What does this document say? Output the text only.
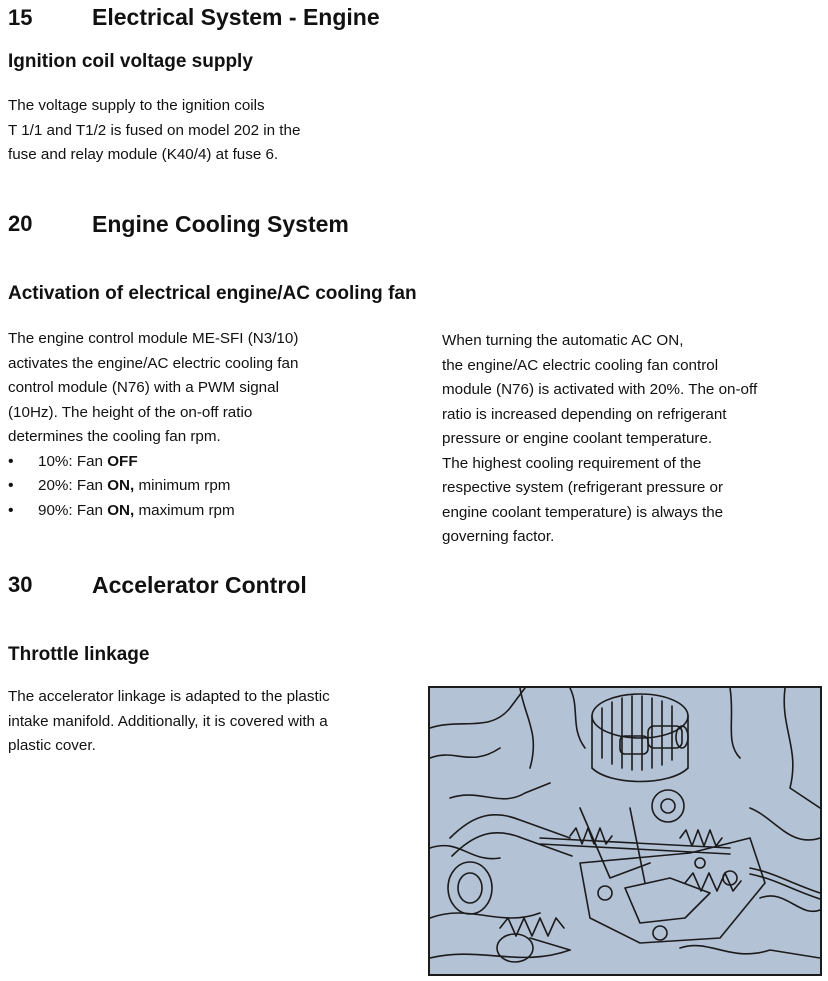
15	Electrical System - Engine
Ignition coil voltage supply
The voltage supply to the ignition coils
T 1/1 and T1/2 is fused on model 202 in the
fuse and relay module (K40/4) at fuse 6.
20	Engine Cooling System
Activation of electrical engine/AC cooling fan
The engine control module ME-SFI (N3/10)
activates the engine/AC electric cooling fan
control module (N76) with a PWM signal
(10Hz). The height of the on-off ratio
determines the cooling fan rpm.
• 10%: Fan OFF
• 20%: Fan ON, minimum rpm
• 90%: Fan ON, maximum rpm
When turning the automatic AC ON,
the engine/AC electric cooling fan control
module (N76) is activated with 20%. The on-off
ratio is increased depending on refrigerant
pressure or engine coolant temperature.
The highest cooling requirement of the
respective system (refrigerant pressure or
engine coolant temperature) is always the
governing factor.
30	Accelerator Control
Throttle linkage
The accelerator linkage is adapted to the plastic
intake manifold. Additionally, it is covered with a
plastic cover.
